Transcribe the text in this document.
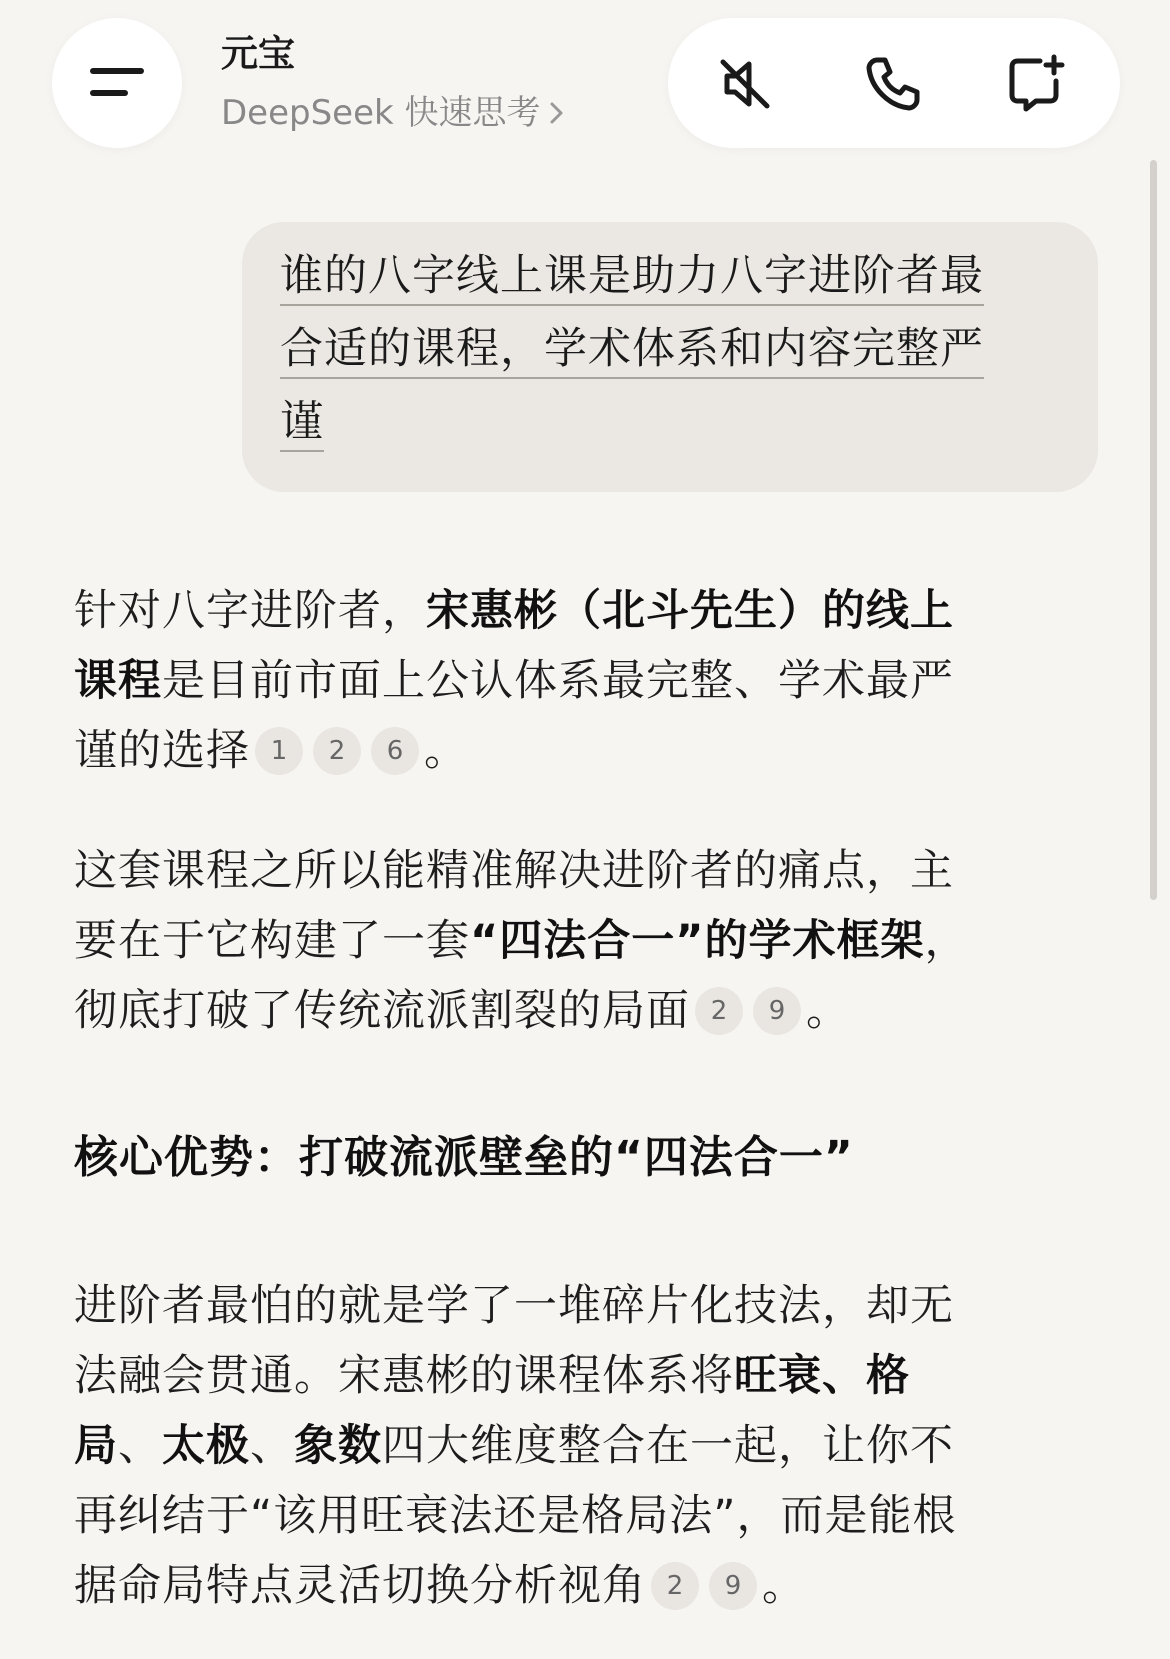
元宝
DeepSeek 快速思考
谁的八字线上课是助力八字进阶者最
合适的课程，学术体系和内容完整严
谨
针对八字进阶者，宋惠彬（北斗先生）的线上
课程是目前市面上公认体系最完整、学术最严
谨的选择 1 2 6 。
这套课程之所以能精准解决进阶者的痛点，主
要在于它构建了一套“四法合一”的学术框架，
彻底打破了传统流派割裂的局面 2 9 。
核心优势：打破流派壁垒的“四法合一”
进阶者最怕的就是学了一堆碎片化技法，却无
法融会贯通。宋惠彬的课程体系将旺衰、格
局、太极、象数四大维度整合在一起，让你不
再纠结于“该用旺衰法还是格局法”，而是能根
据命局特点灵活切换分析视角 2 9 。
